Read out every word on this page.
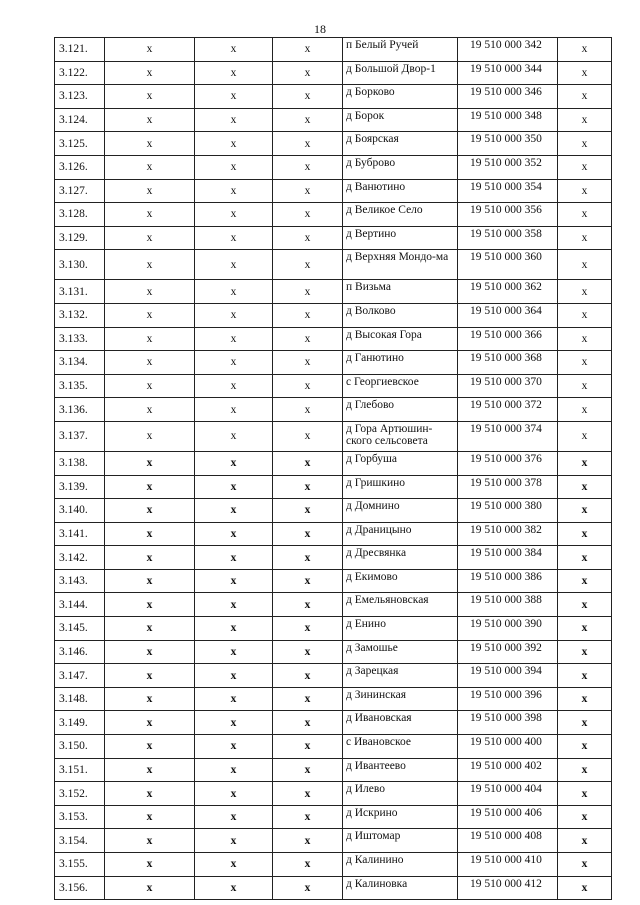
18
3.121.	x	x	x	п Белый Ручей	19 510 000 342	x
3.122.	x	x	x	д Большой Двор-1	19 510 000 344	x
3.123.	x	x	x	д Борково	19 510 000 346	x
3.124.	x	x	x	д Борок	19 510 000 348	x
3.125.	x	x	x	д Боярская	19 510 000 350	x
3.126.	x	x	x	д Буброво	19 510 000 352	x
3.127.	x	x	x	д Ванютино	19 510 000 354	x
3.128.	x	x	x	д Великое Село	19 510 000 356	x
3.129.	x	x	x	д Вертино	19 510 000 358	x
3.130.	x	x	x	д Верхняя Мондо-ма	19 510 000 360	x
3.131.	x	x	x	п Визьма	19 510 000 362	x
3.132.	x	x	x	д Волково	19 510 000 364	x
3.133.	x	x	x	д Высокая Гора	19 510 000 366	x
3.134.	x	x	x	д Ганютино	19 510 000 368	x
3.135.	x	x	x	с Георгиевское	19 510 000 370	x
3.136.	x	x	x	д Глебово	19 510 000 372	x
3.137.	x	x	x	д Гора Артюшин-ского сельсовета	19 510 000 374	x
3.138.	x	x	x	д Горбуша	19 510 000 376	x
3.139.	x	x	x	д Гришкино	19 510 000 378	x
3.140.	x	x	x	д Домнино	19 510 000 380	x
3.141.	x	x	x	д Драницыно	19 510 000 382	x
3.142.	x	x	x	д Дресвянка	19 510 000 384	x
3.143.	x	x	x	д Екимово	19 510 000 386	x
3.144.	x	x	x	д Емельяновская	19 510 000 388	x
3.145.	x	x	x	д Енино	19 510 000 390	x
3.146.	x	x	x	д Замошье	19 510 000 392	x
3.147.	x	x	x	д Зарецкая	19 510 000 394	x
3.148.	x	x	x	д Зининская	19 510 000 396	x
3.149.	x	x	x	д Ивановская	19 510 000 398	x
3.150.	x	x	x	с Ивановское	19 510 000 400	x
3.151.	x	x	x	д Ивантеево	19 510 000 402	x
3.152.	x	x	x	д Илево	19 510 000 404	x
3.153.	x	x	x	д Искрино	19 510 000 406	x
3.154.	x	x	x	д Иштомар	19 510 000 408	x
3.155.	x	x	x	д Калинино	19 510 000 410	x
3.156.	x	x	x	д Калиновка	19 510 000 412	x
